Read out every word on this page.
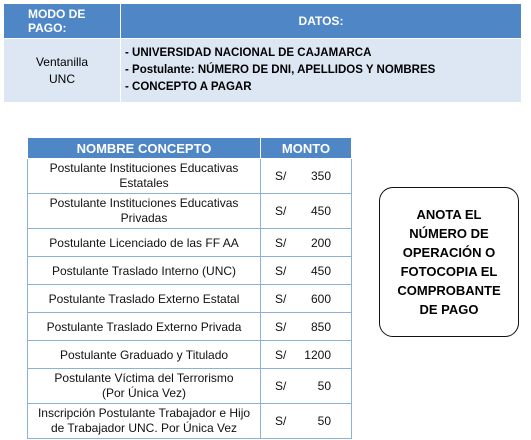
MODO DE PAGO:	DATOS:

Ventanilla
UNC	- UNIVERSIDAD NACIONAL DE CAJAMARCA
- Postulante: NÚMERO DE DNI, APELLIDOS Y NOMBRES
- CONCEPTO A PAGAR
NOMBRE CONCEPTO	MONTO
Postulante Instituciones Educativas
Estatales	S/ 350

Postulante Instituciones Educativas
Privadas	S/ 450

Postulante Licenciado de las FF AA	S/ 200

Postulante Traslado Interno (UNC)	S/ 450

Postulante Traslado Externo Estatal	S/ 600

Postulante Traslado Externo Privada	S/ 850

Postulante Graduado y Titulado	S/ 1200

Postulante Víctima del Terrorismo
(Por Única Vez)	S/ 50

Inscripción Postulante Trabajador e Hijo
de Trabajador UNC. Por Única Vez	S/ 50
ANOTA EL
NÚMERO DE
OPERACIÓN O
FOTOCOPIA EL
COMPROBANTE
DE PAGO
